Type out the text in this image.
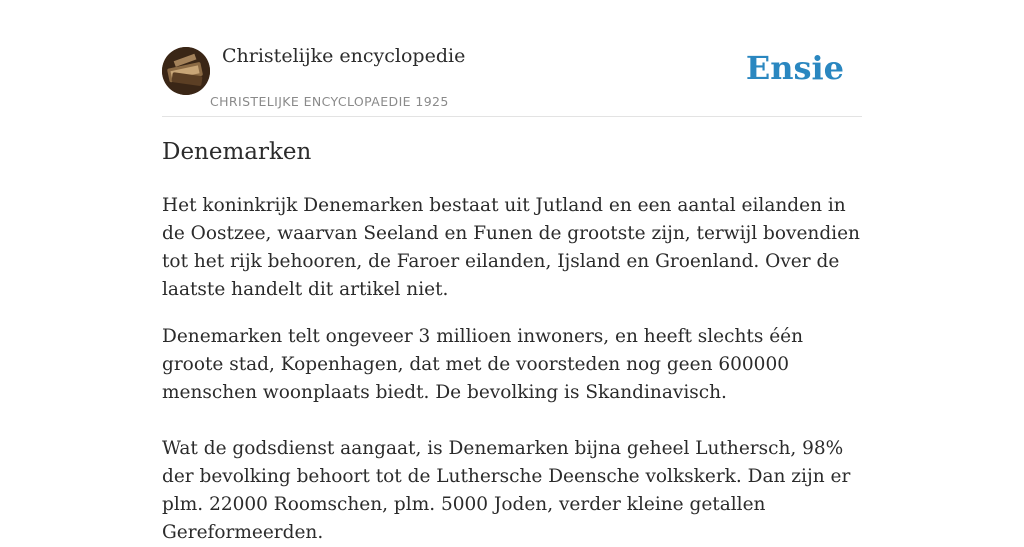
Christelijke encyclopedie
CHRISTELIJKE ENCYCLOPAEDIE 1925
Ensie
Denemarken

Het koninkrijk Denemarken bestaat uit Jutland en een aantal eilanden in de Oostzee, waarvan Seeland en Funen de grootste zijn, terwijl bovendien tot het rijk behooren, de Faroer eilanden, Ijsland en Groenland. Over de laatste handelt dit artikel niet.

Denemarken telt ongeveer 3 millioen inwoners, en heeft slechts één groote stad, Kopenhagen, dat met de voorsteden nog geen 600000 menschen woonplaats biedt. De bevolking is Skandinavisch.

Wat de godsdienst aangaat, is Denemarken bijna geheel Luthersch, 98% der bevolking behoort tot de Luthersche Deensche volkskerk. Dan zijn er plm. 22000 Roomschen, plm. 5000 Joden, verder kleine getallen Gereformeerden.
